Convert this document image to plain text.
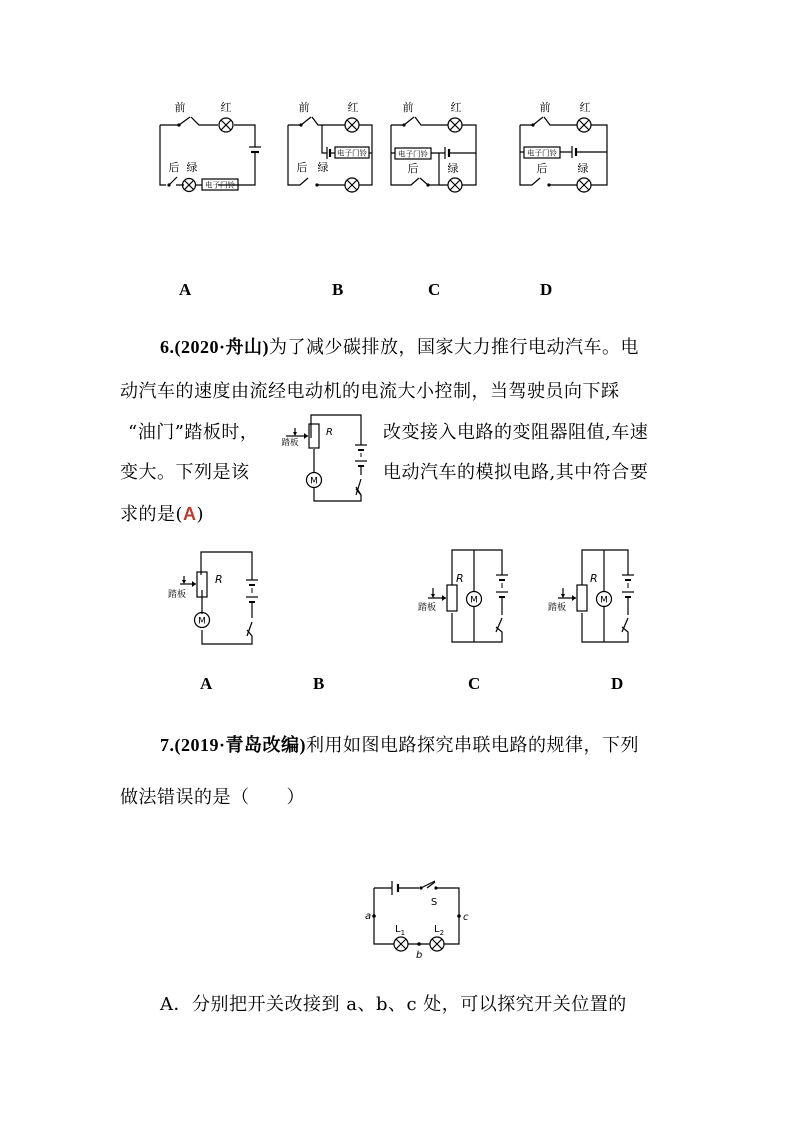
电子门铃
前	红
后 绿
电子门铃
前	红
后 绿
电子门铃
前	红
后	绿
电子门铃
前	红
后	绿
A	B	C	D
6.(2020·舟山)为了减少碳排放，国家大力推行电动汽车。电
动汽车的速度由流经电动机的电流大小控制，当驾驶员向下踩
“油门”踏板时，	改变接入电路的变阻器阻值,车速
变大。下列是该	电动汽车的模拟电路,其中符合要
求的是(A)
踏板
R
M
踏板
R
M
踏板
R
M
踏板
R
M
A	B	C	D
7.(2019·青岛改编)利用如图电路探究串联电路的规律，下列
做法错误的是（　　）
S
$L_1$	$L_2$
a	c
b
A．分别把开关改接到 a、b、c 处，可以探究开关位置的
